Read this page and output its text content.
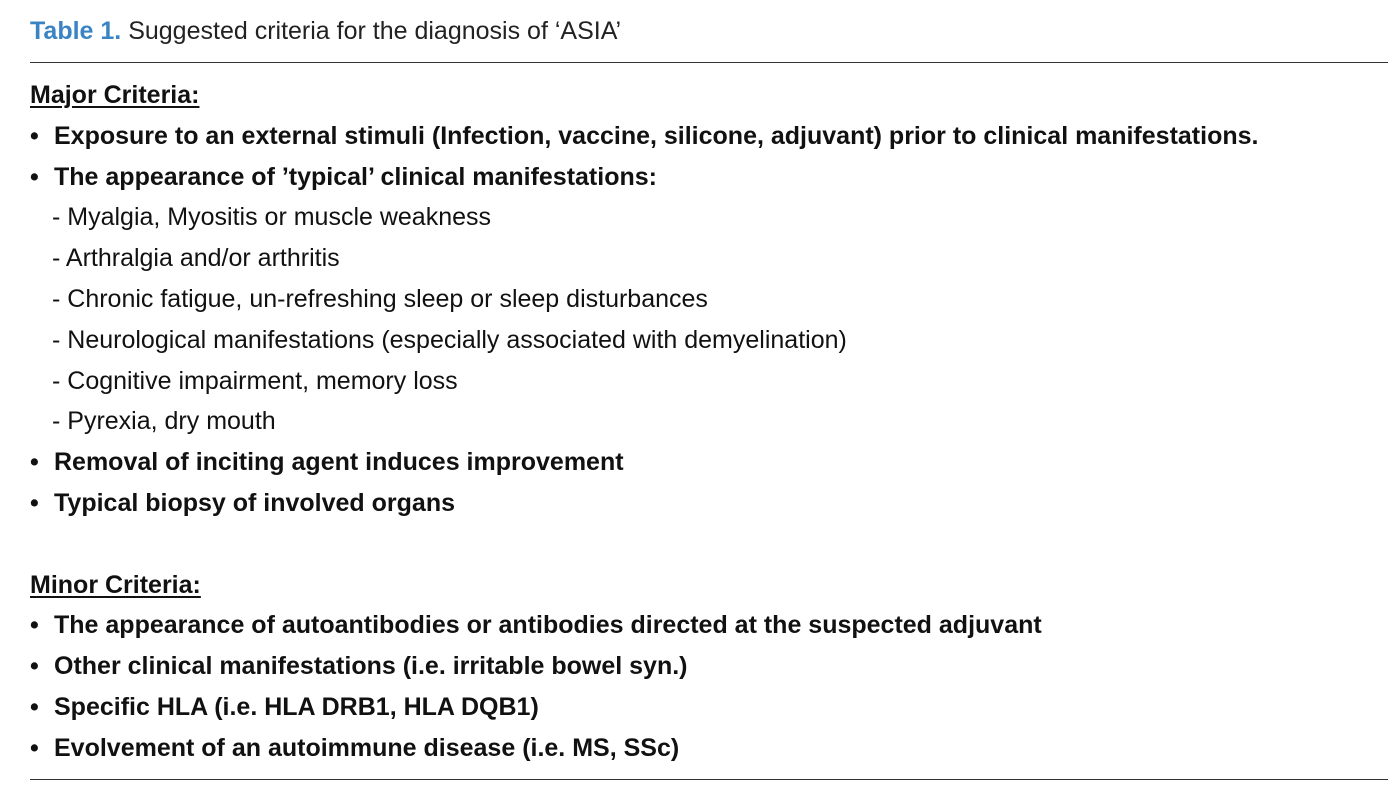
Table 1. Suggested criteria for the diagnosis of ‘ASIA’
Major Criteria:
• Exposure to an external stimuli (Infection, vaccine, silicone, adjuvant) prior to clinical manifestations.
• The appearance of ’typical’ clinical manifestations:
- Myalgia, Myositis or muscle weakness
- Arthralgia and/or arthritis
- Chronic fatigue, un-refreshing sleep or sleep disturbances
- Neurological manifestations (especially associated with demyelination)
- Cognitive impairment, memory loss
- Pyrexia, dry mouth
• Removal of inciting agent induces improvement
• Typical biopsy of involved organs
Minor Criteria:
• The appearance of autoantibodies or antibodies directed at the suspected adjuvant
• Other clinical manifestations (i.e. irritable bowel syn.)
• Specific HLA (i.e. HLA DRB1, HLA DQB1)
• Evolvement of an autoimmune disease (i.e. MS, SSc)
